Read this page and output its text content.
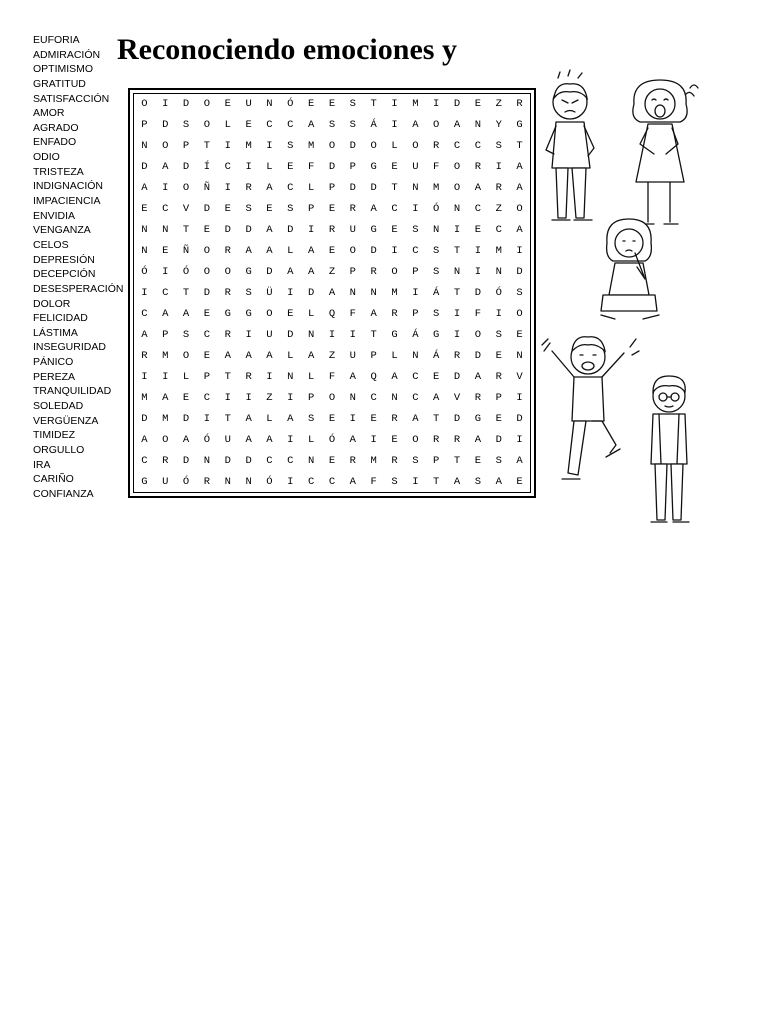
EUFORIA
ADMIRACIÓN
OPTIMISMO
GRATITUD
SATISFACCIÓN
AMOR
AGRADO
ENFADO
ODIO
TRISTEZA
INDIGNACIÓN
IMPACIENCIA
ENVIDIA
VENGANZA
CELOS
DEPRESIÓN
DECEPCIÓN
DESESPERACIÓN
DOLOR
FELICIDAD
LÁSTIMA
INSEGURIDAD
PÁNICO
PEREZA
TRANQUILIDAD
SOLEDAD
VERGÜENZA
TIMIDEZ
ORGULLO
IRA
CARIÑO
CONFIANZA
Reconociendo emociones y
O	I	D	O	E	U	N	Ó	E	E	S	T	I	M	I	D	E	Z	R
P	D	S	O	L	E	C	C	A	S	S	Á	I	A	O	A	N	Y	G
N	O	P	T	I	M	I	S	M	O	D	O	L	O	R	C	C	S	T
D	A	D	Í	C	I	L	E	F	D	P	G	E	U	F	O	R	I	A
A	I	O	Ñ	I	R	A	C	L	P	D	D	T	N	M	O	A	R	A
E	C	V	D	E	S	E	S	P	E	R	A	C	I	Ó	N	C	Z	O
N	N	T	E	D	D	A	D	I	R	U	G	E	S	N	I	E	C	A
N	E	Ñ	O	R	A	A	L	A	E	O	D	I	C	S	T	I	M	I
Ó	I	Ó	O	O	G	D	A	A	Z	P	R	O	P	S	N	I	N	D
I	C	T	D	R	S	Ü	I	D	A	N	N	M	I	Á	T	D	Ó	S
C	A	A	E	G	G	O	E	L	Q	F	A	R	P	S	I	F	I	O
A	P	S	C	R	I	U	D	N	I	I	T	G	Á	G	I	O	S	E
R	M	O	E	A	A	A	L	A	Z	U	P	L	N	Á	R	D	E	N
I	I	L	P	T	R	I	N	L	F	A	Q	A	C	E	D	A	R	V
M	A	E	C	I	I	Z	I	P	O	N	C	N	C	A	V	R	P	I
D	M	D	I	T	A	L	A	S	E	I	E	R	A	T	D	G	E	D
A	O	A	Ó	U	A	A	I	L	Ó	A	I	E	O	R	R	A	D	I
C	R	D	N	D	D	C	C	N	E	R	M	R	S	P	T	E	S	A
G	U	Ó	R	N	N	Ó	I	C	C	A	F	S	I	T	A	S	A	E
